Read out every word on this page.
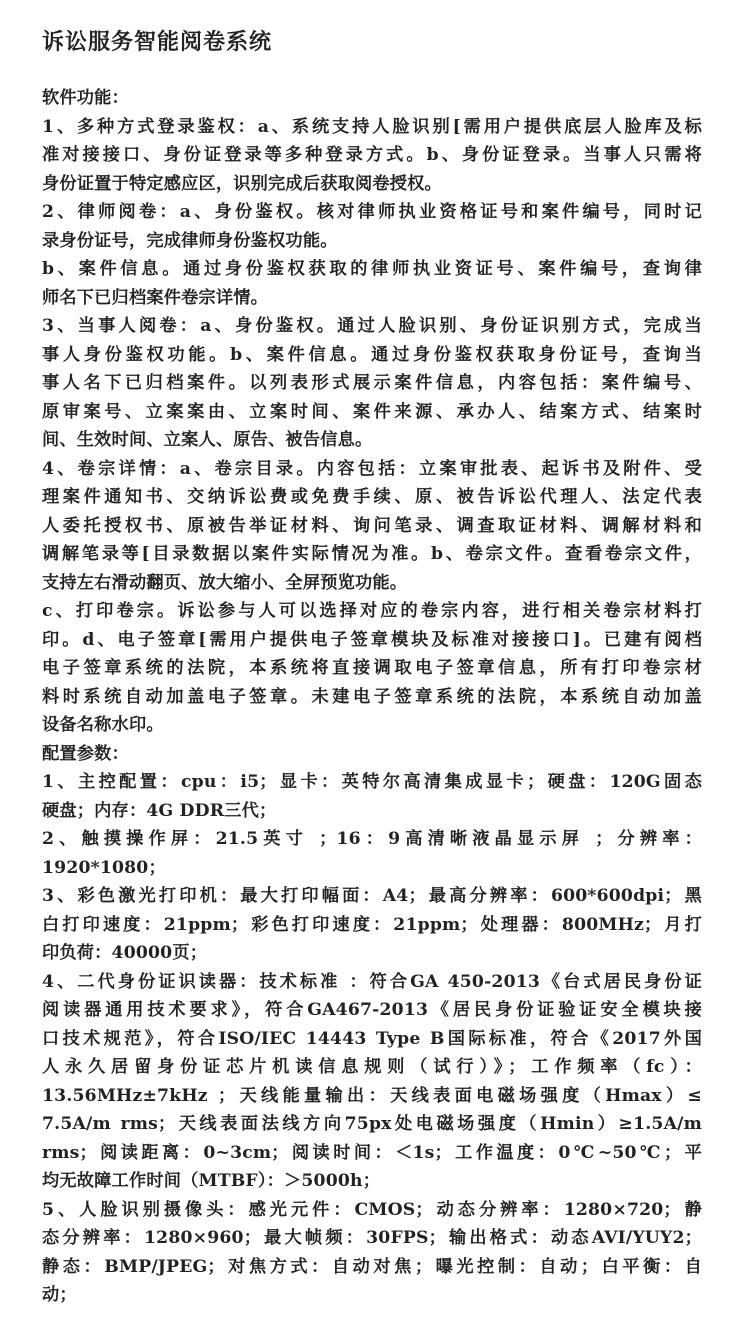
诉讼服务智能阅卷系统
软件功能：
1、多种方式登录鉴权：a、系统支持人脸识别[需用户提供底层人脸库及标
准对接接口、身份证登录等多种登录方式。b、身份证登录。当事人只需将
身份证置于特定感应区，识别完成后获取阅卷授权。
2、律师阅卷：a、身份鉴权。核对律师执业资格证号和案件编号，同时记
录身份证号，完成律师身份鉴权功能。
b、案件信息。通过身份鉴权获取的律师执业资证号、案件编号，查询律
师名下已归档案件卷宗详情。
3、当事人阅卷：a、身份鉴权。通过人脸识别、身份证识别方式，完成当
事人身份鉴权功能。b、案件信息。通过身份鉴权获取身份证号，查询当
事人名下已归档案件。以列表形式展示案件信息，内容包括：案件编号、
原审案号、立案案由、立案时间、案件来源、承办人、结案方式、结案时
间、生效时间、立案人、原告、被告信息。
4、卷宗详情：a、卷宗目录。内容包括：立案审批表、起诉书及附件、受
理案件通知书、交纳诉讼费或免费手续、原、被告诉讼代理人、法定代表
人委托授权书、原被告举证材料、询问笔录、调查取证材料、调解材料和
调解笔录等[目录数据以案件实际情况为准。b、卷宗文件。查看卷宗文件，
支持左右滑动翻页、放大缩小、全屏预览功能。
c、打印卷宗。诉讼参与人可以选择对应的卷宗内容，进行相关卷宗材料打
印。d、电子签章[需用户提供电子签章模块及标准对接接口]。已建有阅档
电子签章系统的法院，本系统将直接调取电子签章信息，所有打印卷宗材
料时系统自动加盖电子签章。未建电子签章系统的法院，本系统自动加盖
设备名称水印。
配置参数：
1、主控配置：cpu：i5；显卡：英特尔高清集成显卡；硬盘：120G固态
硬盘；内存：4G DDR三代；
2、触摸操作屏：21.5英寸 ；16：9高清晰液晶显示屏 ；分辨率：
1920*1080；
3、彩色激光打印机：最大打印幅面：A4；最高分辨率：600*600dpi；黑
白打印速度：21ppm；彩色打印速度：21ppm；处理器：800MHz；月打
印负荷：40000页；
4、二代身份证识读器：技术标准 ：符合GA 450-2013《台式居民身份证
阅读器通用技术要求》，符合GA467-2013《居民身份证验证安全模块接
口技术规范》，符合ISO/IEC 14443 Type B国际标准，符合《2017外国
人永久居留身份证芯片机读信息规则（试行）》；工作频率（fc）：
13.56MHz±7kHz ；天线能量输出：天线表面电磁场强度（Hmax）≤
7.5A/m rms；天线表面法线方向75px处电磁场强度（Hmin）≥1.5A/m
rms；阅读距离：0~3cm；阅读时间：＜1s；工作温度：0℃~50℃；平
均无故障工作时间（MTBF）：＞5000h；
5、人脸识别摄像头：感光元件：CMOS；动态分辨率：1280×720；静
态分辨率：1280×960；最大帧频：30FPS；输出格式：动态AVI/YUY2；
静态：BMP/JPEG；对焦方式：自动对焦；曝光控制：自动；白平衡：自
动；
